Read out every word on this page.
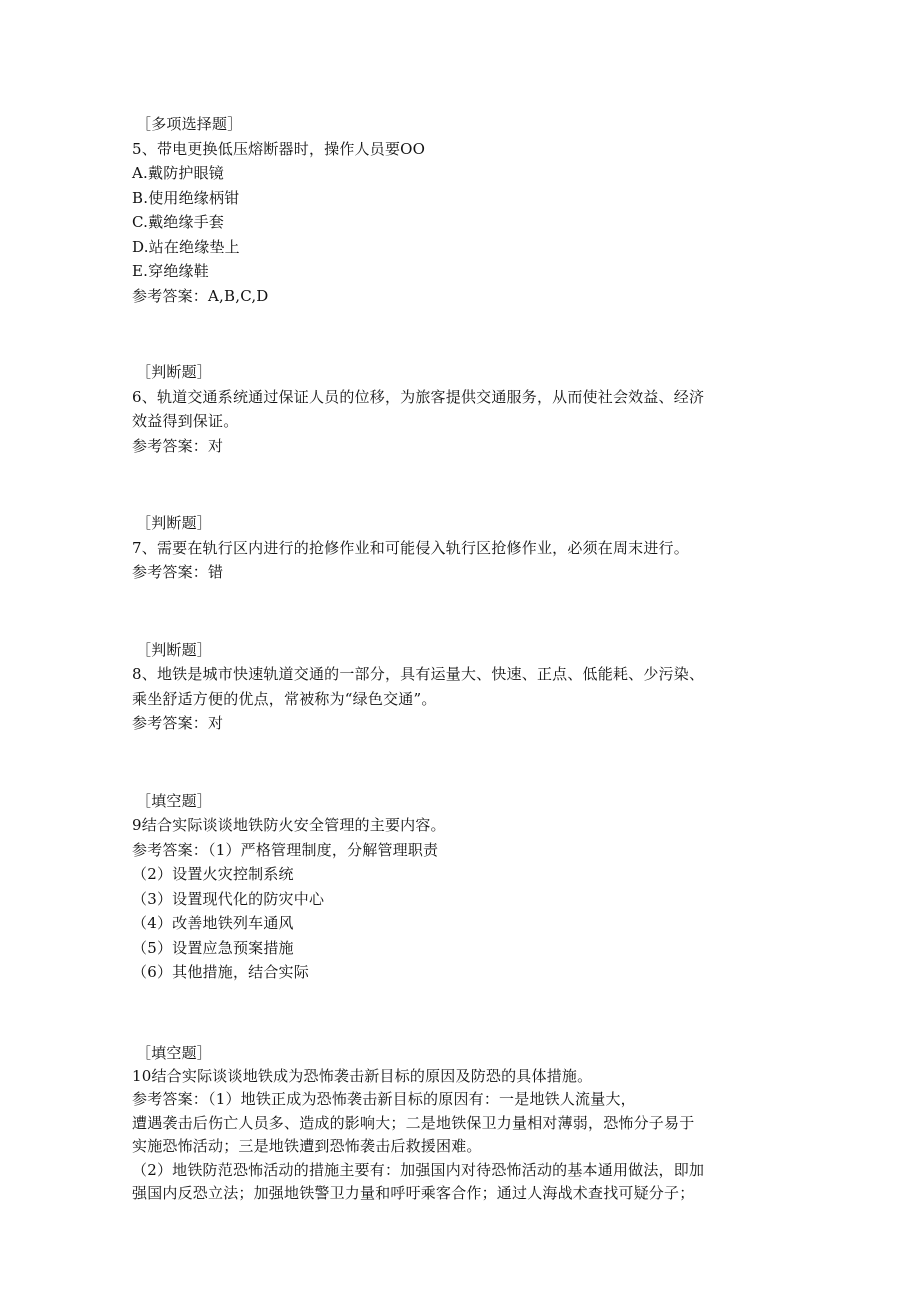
［多项选择题］
5、带电更换低压熔断器时，操作人员要OO
A.戴防护眼镜
B.使用绝缘柄钳
C.戴绝缘手套
D.站在绝缘垫上
E.穿绝缘鞋
参考答案：A,B,C,D
［判断题］
6、轨道交通系统通过保证人员的位移，为旅客提供交通服务，从而使社会效益、经济
效益得到保证。
参考答案：对
［判断题］
7、需要在轨行区内进行的抢修作业和可能侵入轨行区抢修作业，必须在周末进行。
参考答案：错
［判断题］
8、地铁是城市快速轨道交通的一部分，具有运量大、快速、正点、低能耗、少污染、
乘坐舒适方便的优点，常被称为“绿色交通”。
参考答案：对
［填空题］
9结合实际谈谈地铁防火安全管理的主要内容。
参考答案：（1）严格管理制度，分解管理职责
（2）设置火灾控制系统
（3）设置现代化的防灾中心
（4）改善地铁列车通风
（5）设置应急预案措施
（6）其他措施，结合实际
［填空题］
10结合实际谈谈地铁成为恐怖袭击新目标的原因及防恐的具体措施。
参考答案：（1）地铁正成为恐怖袭击新目标的原因有：一是地铁人流量大，
遭遇袭击后伤亡人员多、造成的影响大；二是地铁保卫力量相对薄弱，恐怖分子易于
实施恐怖活动；三是地铁遭到恐怖袭击后救援困难。
（2）地铁防范恐怖活动的措施主要有：加强国内对待恐怖活动的基本通用做法，即加
强国内反恐立法；加强地铁警卫力量和呼吁乘客合作；通过人海战术查找可疑分子；
